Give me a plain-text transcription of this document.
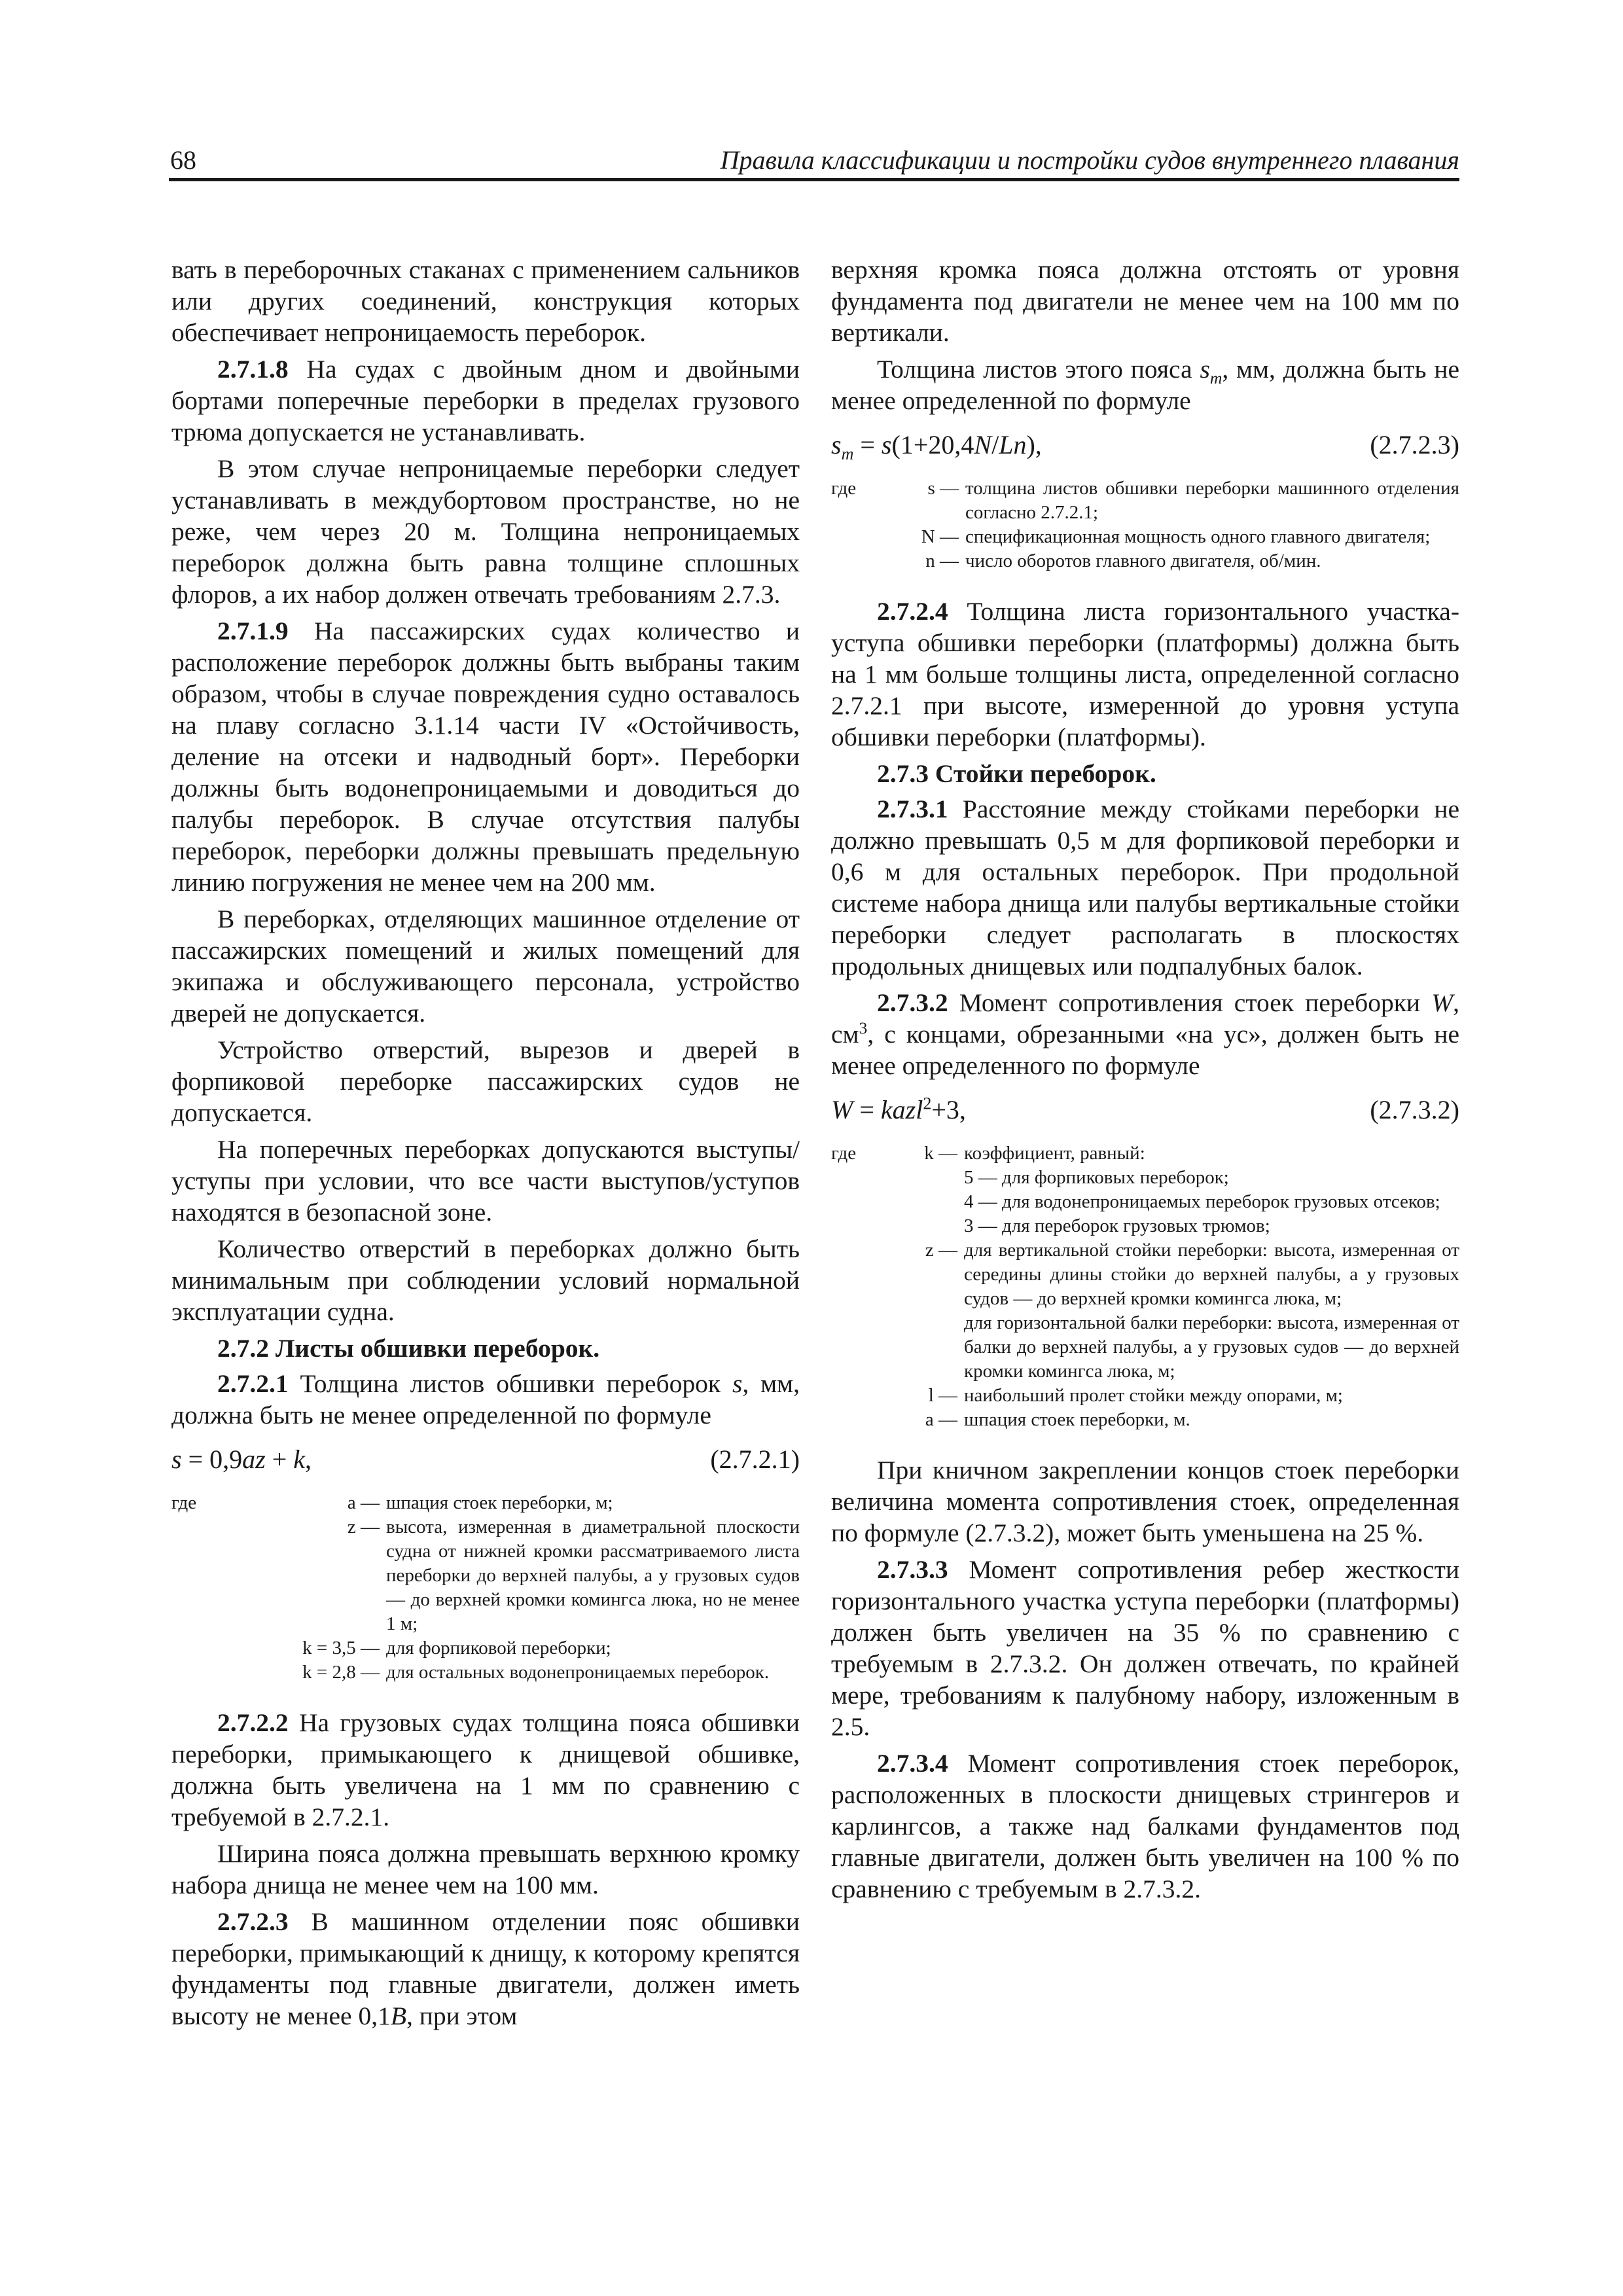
68	Правила классификации и постройки судов внутреннего плавания

вать в переборочных стаканах с применением сальников или других соединений, конструкция которых обеспечивает непроницаемость переборок.

2.7.1.8 На судах с двойным дном и двойными бортами поперечные переборки в пределах грузового трюма допускается не устанавливать.

В этом случае непроницаемые переборки следует устанавливать в междубортовом пространстве, но не реже, чем через 20 м. Толщина непроницаемых переборок должна быть равна толщине сплошных флоров, а их набор должен отвечать требованиям 2.7.3.

2.7.1.9 На пассажирских судах количество и расположение переборок должны быть выбраны таким образом, чтобы в случае повреждения судно оставалось на плаву согласно 3.1.14 части IV «Остойчивость, деление на отсеки и надводный борт». Переборки должны быть водонепроницаемыми и доводиться до палубы переборок. В случае отсутствия палубы переборок, переборки должны превышать предельную линию погружения не менее чем на 200 мм.

В переборках, отделяющих машинное отделение от пассажирских помещений и жилых помещений для экипажа и обслуживающего персонала, устройство дверей не допускается.

Устройство отверстий, вырезов и дверей в форпиковой переборке пассажирских судов не допускается.

На поперечных переборках допускаются выступы/уступы при условии, что все части выступов/уступов находятся в безопасной зоне.

Количество отверстий в переборках должно быть минимальным при соблюдении условий нормальной эксплуатации судна.

2.7.2 Листы обшивки переборок.

2.7.2.1 Толщина листов обшивки переборок s, мм, должна быть не менее определенной по формуле

s = 0,9az + k,	(2.7.2.1)
где	a — шпация стоек переборки, м;
z — высота, измеренная в диаметральной плоскости судна от нижней кромки рассматриваемого листа переборки до верхней палубы, а у грузовых судов — до верхней кромки комингса люка, но не менее 1 м;
k = 3,5 — для форпиковой переборки;
k = 2,8 — для остальных водонепроницаемых переборок.

2.7.2.2 На грузовых судах толщина пояса обшивки переборки, примыкающего к днищевой обшивке, должна быть увеличена на 1 мм по сравнению с требуемой в 2.7.2.1.

Ширина пояса должна превышать верхнюю кромку набора днища не менее чем на 100 мм.

2.7.2.3 В машинном отделении пояс обшивки переборки, примыкающий к днищу, к которому крепятся фундаменты под главные двигатели, должен иметь высоту не менее 0,1B, при этом

верхняя кромка пояса должна отстоять от уровня фундамента под двигатели не менее чем на 100 мм по вертикали.

Толщина листов этого пояса $s_m$, мм, должна быть не менее определенной по формуле

$s_m = s(1+20,4N/Ln)$,	(2.7.2.3)
где	s — толщина листов обшивки переборки машинного отделения согласно 2.7.2.1;
N — спецификационная мощность одного главного двигателя;
n — число оборотов главного двигателя, об/мин.

2.7.2.4 Толщина листа горизонтального участка-уступа обшивки переборки (платформы) должна быть на 1 мм больше толщины листа, определенной согласно 2.7.2.1 при высоте, измеренной до уровня уступа обшивки переборки (платформы).

2.7.3 Стойки переборок.

2.7.3.1 Расстояние между стойками переборки не должно превышать 0,5 м для форпиковой переборки и 0,6 м для остальных переборок. При продольной системе набора днища или палубы вертикальные стойки переборки следует располагать в плоскостях продольных днищевых или подпалубных балок.

2.7.3.2 Момент сопротивления стоек переборки W, $см^3$, с концами, обрезанными «на ус», должен быть не менее определенного по формуле

W = kazl$^2$+3,	(2.7.3.2)
где	k — коэффициент, равный:
5 — для форпиковых переборок;
4 — для водонепроницаемых переборок грузовых отсеков;
3 — для переборок грузовых трюмов;
z — для вертикальной стойки переборки: высота, измеренная от середины длины стойки до верхней палубы, а у грузовых судов — до верхней кромки комингса люка, м;
для горизонтальной балки переборки: высота, измеренная от балки до верхней палубы, а у грузовых судов — до верхней кромки комингса люка, м;
l — наибольший пролет стойки между опорами, м;
a — шпация стоек переборки, м.

При кничном закреплении концов стоек переборки величина момента сопротивления стоек, определенная по формуле (2.7.3.2), может быть уменьшена на 25 %.

2.7.3.3 Момент сопротивления ребер жесткости горизонтального участка уступа переборки (платформы) должен быть увеличен на 35 % по сравнению с требуемым в 2.7.3.2. Он должен отвечать, по крайней мере, требованиям к палубному набору, изложенным в 2.5.

2.7.3.4 Момент сопротивления стоек переборок, расположенных в плоскости днищевых стрингеров и карлингсов, а также над балками фундаментов под главные двигатели, должен быть увеличен на 100 % по сравнению с требуемым в 2.7.3.2.
